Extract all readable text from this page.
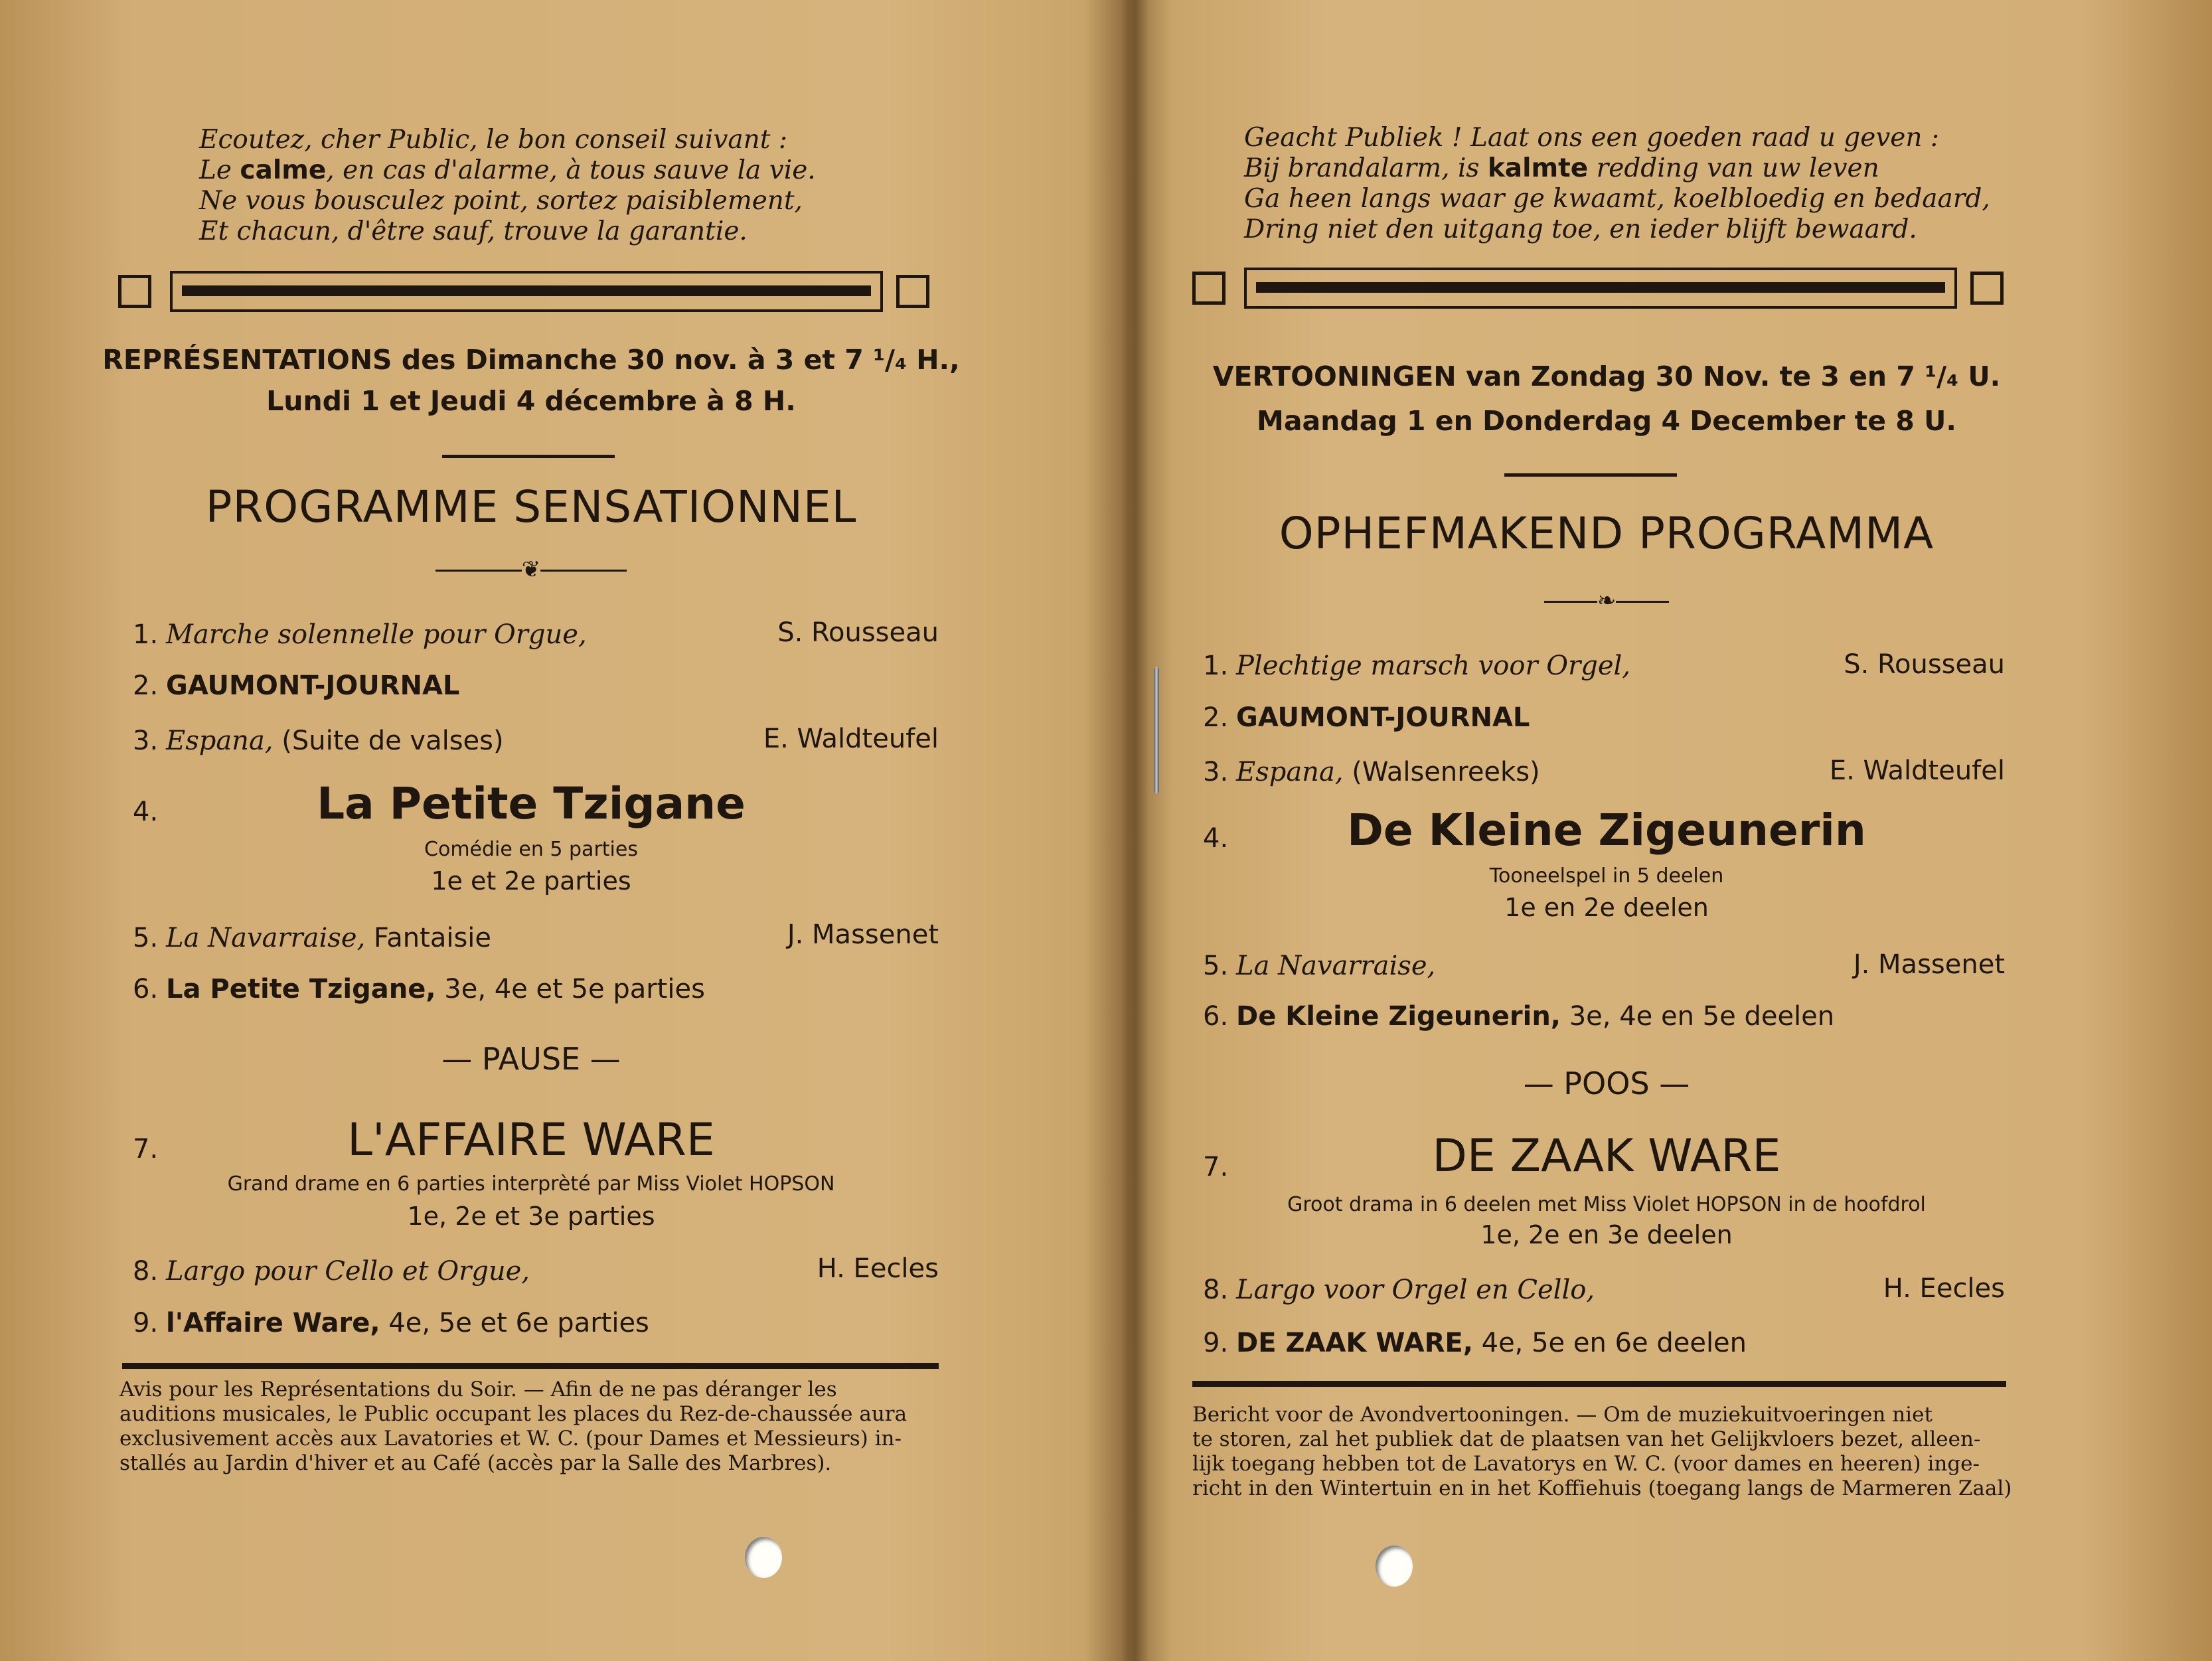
Ecoutez, cher Public, le bon conseil suivant :
Le calme, en cas d'alarme, à tous sauve la vie.
Ne vous bousculez point, sortez paisiblement,
Et chacun, d'être sauf, trouve la garantie.
REPRÉSENTATIONS des Dimanche 30 nov. à 3 et 7 ¹/₄ H.,
Lundi 1 et Jeudi 4 décembre à 8 H.
PROGRAMME SENSATIONNEL
❦
1. Marche solennelle pour Orgue,	S. Rousseau
2. GAUMONT-JOURNAL
3. Espana, (Suite de valses)	E. Waldteufel
4.	La Petite Tzigane
Comédie en 5 parties
1e et 2e parties
5. La Navarraise, Fantaisie	J. Massenet
6. La Petite Tzigane, 3e, 4e et 5e parties
— PAUSE —
7.	L'AFFAIRE WARE
Grand drame en 6 parties interprèté par Miss Violet HOPSON
1e, 2e et 3e parties
8. Largo pour Cello et Orgue,	H. Eecles
9. l'Affaire Ware, 4e, 5e et 6e parties
Avis pour les Représentations du Soir. — Afin de ne pas déranger les
auditions musicales, le Public occupant les places du Rez-de-chaussée aura
exclusivement accès aux Lavatories et W. C. (pour Dames et Messieurs) in-
stallés au Jardin d'hiver et au Café (accès par la Salle des Marbres).
Geacht Publiek ! Laat ons een goeden raad u geven :
Bij brandalarm, is kalmte redding van uw leven
Ga heen langs waar ge kwaamt, koelbloedig en bedaard,
Dring niet den uitgang toe, en ieder blijft bewaard.
VERTOONINGEN van Zondag 30 Nov. te 3 en 7 ¹/₄ U.
Maandag 1 en Donderdag 4 December te 8 U.
OPHEFMAKEND PROGRAMMA
❧
1. Plechtige marsch voor Orgel,	S. Rousseau
2. GAUMONT-JOURNAL
3. Espana, (Walsenreeks)	E. Waldteufel
4.	De Kleine Zigeunerin
Tooneelspel in 5 deelen
1e en 2e deelen
5. La Navarraise,	J. Massenet
6. De Kleine Zigeunerin, 3e, 4e en 5e deelen
— POOS —
7.	DE ZAAK WARE
Groot drama in 6 deelen met Miss Violet HOPSON in de hoofdrol
1e, 2e en 3e deelen
8. Largo voor Orgel en Cello,	H. Eecles
9. DE ZAAK WARE, 4e, 5e en 6e deelen
Bericht voor de Avondvertooningen. — Om de muziekuitvoeringen niet
te storen, zal het publiek dat de plaatsen van het Gelijkvloers bezet, alleen-
lijk toegang hebben tot de Lavatorys en W. C. (voor dames en heeren) inge-
richt in den Wintertuin en in het Koffiehuis (toegang langs de Marmeren Zaal)
